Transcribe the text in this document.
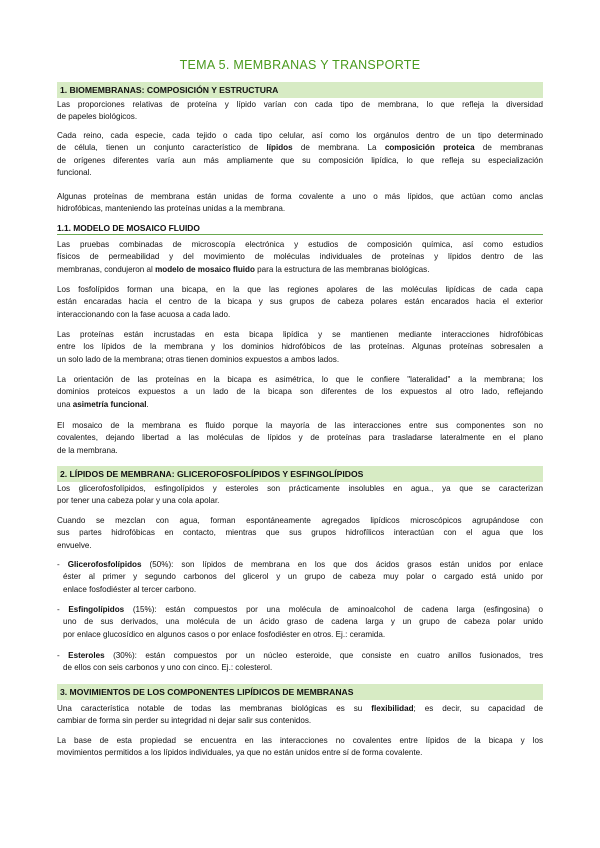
TEMA 5. MEMBRANAS Y TRANSPORTE
1. BIOMEMBRANAS: COMPOSICIÓN Y ESTRUCTURA
Las proporciones relativas de proteína y lípido varían con cada tipo de membrana, lo que refleja la diversidad
de papeles biológicos.
Cada reino, cada especie, cada tejido o cada tipo celular, así como los orgánulos dentro de un tipo determinado
de célula, tienen un conjunto característico de lípidos de membrana. La composición proteica de membranas
de orígenes diferentes varía aun más ampliamente que su composición lipídica, lo que refleja su especialización
funcional.
Algunas proteínas de membrana están unidas de forma covalente a uno o más lípidos, que actúan como anclas
hidrofóbicas, manteniendo las proteínas unidas a la membrana.
1.1. MODELO DE MOSAICO FLUIDO
Las pruebas combinadas de microscopía electrónica y estudios de composición química, así como estudios
físicos de permeabilidad y del movimiento de moléculas individuales de proteínas y lípidos dentro de las
membranas, condujeron al modelo de mosaico fluido para la estructura de las membranas biológicas.
Los fosfolípidos forman una bicapa, en la que las regiones apolares de las moléculas lipídicas de cada capa
están encaradas hacia el centro de la bicapa y sus grupos de cabeza polares están encarados hacia el exterior
interaccionando con la fase acuosa a cada lado.
Las proteínas están incrustadas en esta bicapa lipídica y se mantienen mediante interacciones hidrofóbicas
entre los lípidos de la membrana y los dominios hidrofóbicos de las proteínas. Algunas proteínas sobresalen a
un solo lado de la membrana; otras tienen dominios expuestos a ambos lados.
La orientación de las proteínas en la bicapa es asimétrica, lo que le confiere "lateralidad" a la membrana; los
dominios proteicos expuestos a un lado de la bicapa son diferentes de los expuestos al otro lado, reflejando
una asimetría funcional.
El mosaico de la membrana es fluido porque la mayoría de las interacciones entre sus componentes son no
covalentes, dejando libertad a las moléculas de lípidos y de proteínas para trasladarse lateralmente en el plano
de la membrana.
2. LÍPIDOS DE MEMBRANA: GLICEROFOSFOLÍPIDOS Y ESFINGOLÍPIDOS
Los glicerofosfolípidos, esfingolípidos y esteroles son prácticamente insolubles en agua., ya que se caracterizan
por tener una cabeza polar y una cola apolar.
Cuando se mezclan con agua, forman espontáneamente agregados lipídicos microscópicos agrupándose con
sus partes hidrofóbicas en contacto, mientras que sus grupos hidrofílicos interactúan con el agua que los
envuelve.
- Glicerofosfolípidos (50%): son lípidos de membrana en los que dos ácidos grasos están unidos por enlace
éster al primer y segundo carbonos del glicerol y un grupo de cabeza muy polar o cargado está unido por
enlace fosfodiéster al tercer carbono.
- Esfingolípidos (15%): están compuestos por una molécula de aminoalcohol de cadena larga (esfingosina) o
uno de sus derivados, una molécula de un ácido graso de cadena larga y un grupo de cabeza polar unido
por enlace glucosídico en algunos casos o por enlace fosfodiéster en otros. Ej.: ceramida.
- Esteroles (30%): están compuestos por un núcleo esteroide, que consiste en cuatro anillos fusionados, tres
de ellos con seis carbonos y uno con cinco. Ej.: colesterol.
3. MOVIMIENTOS DE LOS COMPONENTES LIPÍDICOS DE MEMBRANAS
Una característica notable de todas las membranas biológicas es su flexibilidad; es decir, su capacidad de
cambiar de forma sin perder su integridad ni dejar salir sus contenidos.
La base de esta propiedad se encuentra en las interacciones no covalentes entre lípidos de la bicapa y los
movimientos permitidos a los lípidos individuales, ya que no están unidos entre sí de forma covalente.
